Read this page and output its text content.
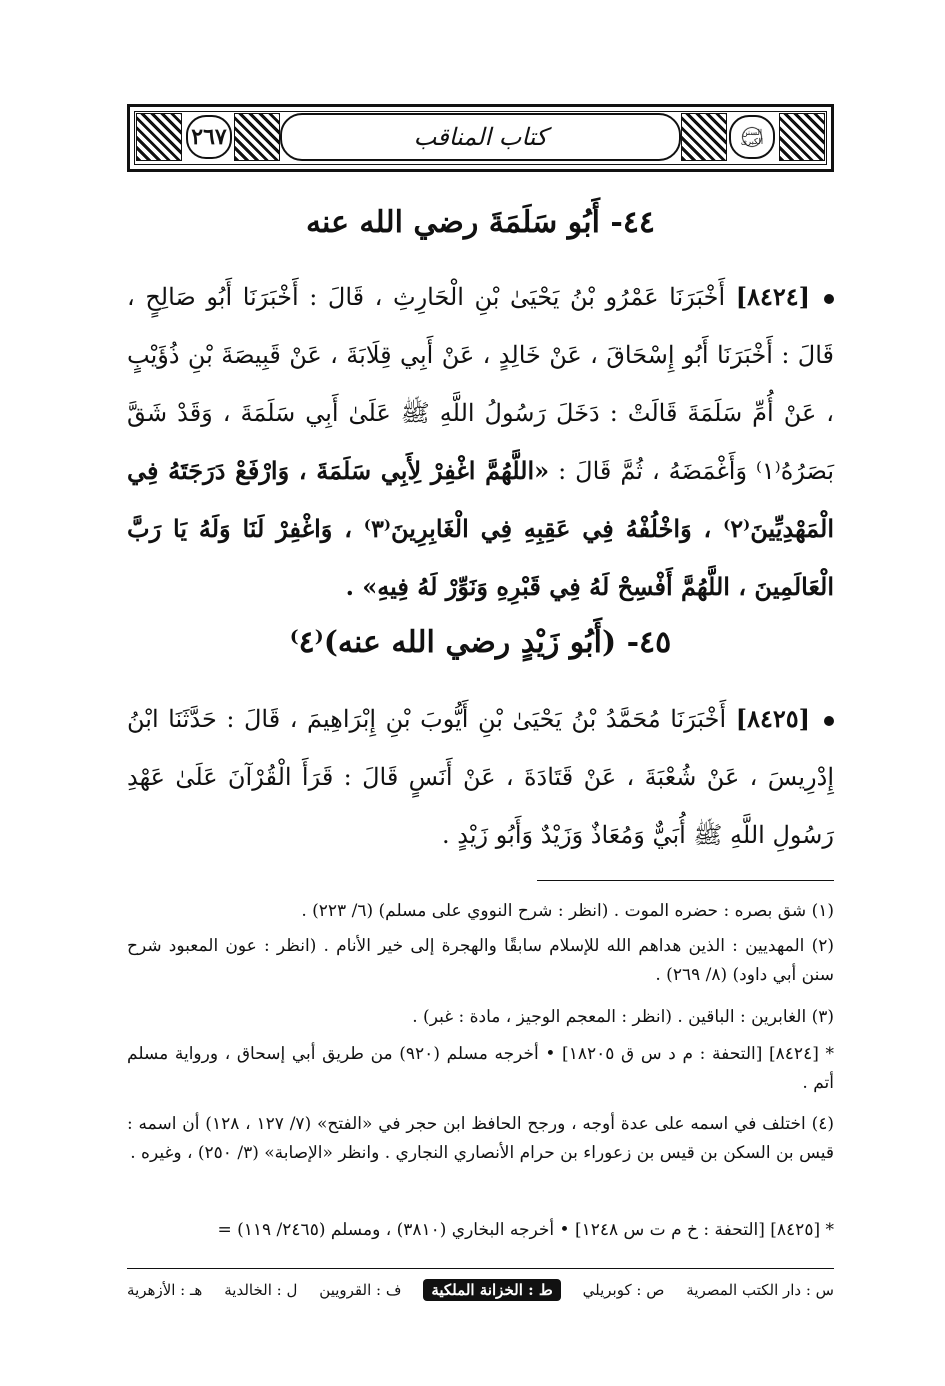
٢٦٧	كتاب المناقب	السنن الكبرى
٤٤- أَبُو سَلَمَةَ رضي الله عنه
[٨٤٢٤] أَخْبَرَنَا عَمْرُو بْنُ يَحْيَىٰ بْنِ الْحَارِثِ ، قَالَ : أَخْبَرَنَا أَبُو صَالِحٍ ، قَالَ : أَخْبَرَنَا أَبُو إِسْحَاقَ ، عَنْ خَالِدٍ ، عَنْ أَبِي قِلَابَةَ ، عَنْ قَبِيصَةَ بْنِ ذُؤَيْبٍ ، عَنْ أُمِّ سَلَمَةَ قَالَتْ : دَخَلَ رَسُولُ اللَّهِ ﷺ عَلَىٰ أَبِي سَلَمَةَ ، وَقَدْ شَقَّ بَصَرُهُ⁽١⁾ وَأَغْمَضَهُ ، ثُمَّ قَالَ : «اللَّهُمَّ اغْفِرْ لِأَبِي سَلَمَةَ ، وَارْفَعْ دَرَجَتَهُ فِي الْمَهْدِيِّينَ⁽٢⁾ ، وَاخْلُفْهُ فِي عَقِبِهِ فِي الْغَابِرِينَ⁽٣⁾ ، وَاغْفِرْ لَنَا وَلَهُ يَا رَبَّ الْعَالَمِينَ ، اللَّهُمَّ أَفْسِحْ لَهُ فِي قَبْرِهِ وَنَوِّرْ لَهُ فِيهِ» .
٤٥- (أَبُو زَيْدٍ رضي الله عنه)⁽٤⁾
[٨٤٢٥] أَخْبَرَنَا مُحَمَّدُ بْنُ يَحْيَىٰ بْنِ أَيُّوبَ بْنِ إِبْرَاهِيمَ ، قَالَ : حَدَّثَنَا ابْنُ إِدْرِيسَ ، عَنْ شُعْبَةَ ، عَنْ قَتَادَةَ ، عَنْ أَنَسٍ قَالَ : قَرَأَ الْقُرْآنَ عَلَىٰ عَهْدِ رَسُولِ اللَّهِ ﷺ أُبَيٌّ وَمُعَاذٌ وَزَيْدٌ وَأَبُو زَيْدٍ .
(١) شق بصره : حضره الموت . (انظر : شرح النووي على مسلم) (٦/ ٢٢٣) .
(٢) المهديين : الذين هداهم الله للإسلام سابقًا والهجرة إلى خير الأنام . (انظر : عون المعبود شرح سنن أبي داود) (٨/ ٢٦٩) .
(٣) الغابرين : الباقين . (انظر : المعجم الوجيز ، مادة : غبر) .
* [٨٤٢٤] [التحفة : م د س ق ١٨٢٠٥] • أخرجه مسلم (٩٢٠) من طريق أبي إسحاق ، ورواية مسلم أتم .
(٤) اختلف في اسمه على عدة أوجه ، ورجح الحافظ ابن حجر في «الفتح» (٧/ ١٢٧ ، ١٢٨) أن اسمه : قيس بن السكن بن قيس بن زعوراء بن حرام الأنصاري النجاري . وانظر «الإصابة» (٣/ ٢٥٠) ، وغيره .
* [٨٤٢٥] [التحفة : خ م ت س ١٢٤٨] • أخرجه البخاري (٣٨١٠) ، ومسلم (٢٤٦٥/ ١١٩) =
س : دار الكتب المصرية
ص : كوبريلي
ط : الخزانة الملكية
ف : القرويين
ل : الخالدية
هـ : الأزهرية
